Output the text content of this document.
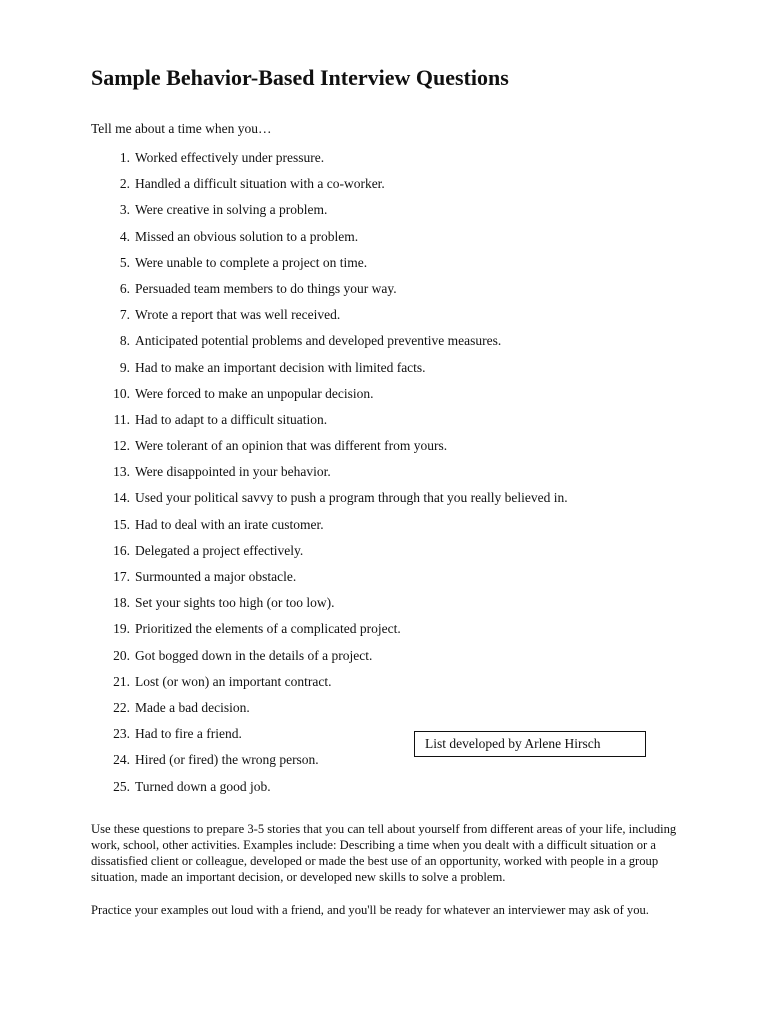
Sample Behavior-Based Interview Questions

Tell me about a time when you…

1. Worked effectively under pressure.
2. Handled a difficult situation with a co-worker.
3. Were creative in solving a problem.
4. Missed an obvious solution to a problem.
5. Were unable to complete a project on time.
6. Persuaded team members to do things your way.
7. Wrote a report that was well received.
8. Anticipated potential problems and developed preventive measures.
9. Had to make an important decision with limited facts.
10. Were forced to make an unpopular decision.
11. Had to adapt to a difficult situation.
12. Were tolerant of an opinion that was different from yours.
13. Were disappointed in your behavior.
14. Used your political savvy to push a program through that you really believed in.
15. Had to deal with an irate customer.
16. Delegated a project effectively.
17. Surmounted a major obstacle.
18. Set your sights too high (or too low).
19. Prioritized the elements of a complicated project.
20. Got bogged down in the details of a project.
21. Lost (or won) an important contract.
22. Made a bad decision.
23. Had to fire a friend.
24. Hired (or fired) the wrong person.
25. Turned down a good job.
List developed by Arlene Hirsch

Use these questions to prepare 3-5 stories that you can tell about yourself from different areas of your life, including work, school, other activities. Examples include: Describing a time when you dealt with a difficult situation or a dissatisfied client or colleague, developed or made the best use of an opportunity, worked with people in a group situation, made an important decision, or developed new skills to solve a problem.

Practice your examples out loud with a friend, and you'll be ready for whatever an interviewer may ask of you.
